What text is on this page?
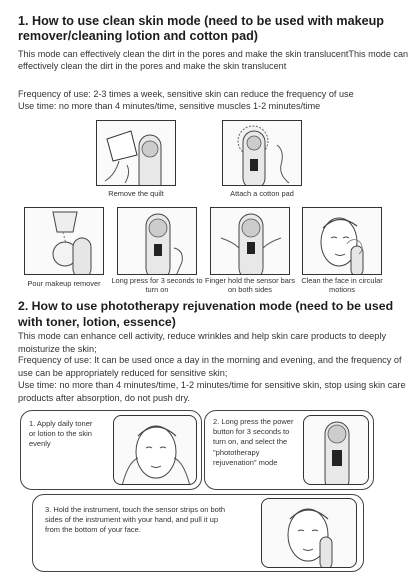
1. How to use clean skin mode (need to be used with makeup remover/cleaning lotion and cotton pad)
This mode can effectively clean the dirt in the pores and make the skin translucentThis mode can effectively clean the dirt in the pores and make the skin translucent
Frequency of use: 2-3 times a week, sensitive skin can reduce the frequency of use
Use time: no more than 4 minutes/time, sensitive muscles 1-2 minutes/time
Remove the quilt	Attach a cotton pad
Pour makeup remover	Long press for 3 seconds to turn on
Finger hold the sensor bars on both sides
Clean the face in circular motions
2. How to use phototherapy rejuvenation mode (need to be used with toner, lotion, essence)
This mode can enhance cell activity, reduce wrinkles and help skin care products to deeply moisturize the skin;
Frequency of use: It can be used once a day in the morning and evening, and the frequency of use can be appropriately reduced for sensitive skin;
Use time: no more than 4 minutes/time, 1-2 minutes/time for sensitive skin, stop using skin care products after absorption, do not push dry.
1. Apply daily toner or lotion to the skin evenly
2. Long press the power button for 3 seconds to turn on, and select the "phototherapy rejuvenation" mode
3. Hold the instrument, touch the sensor strips on both sides of the instrument with your hand, and pull it up from the bottom of your face.
